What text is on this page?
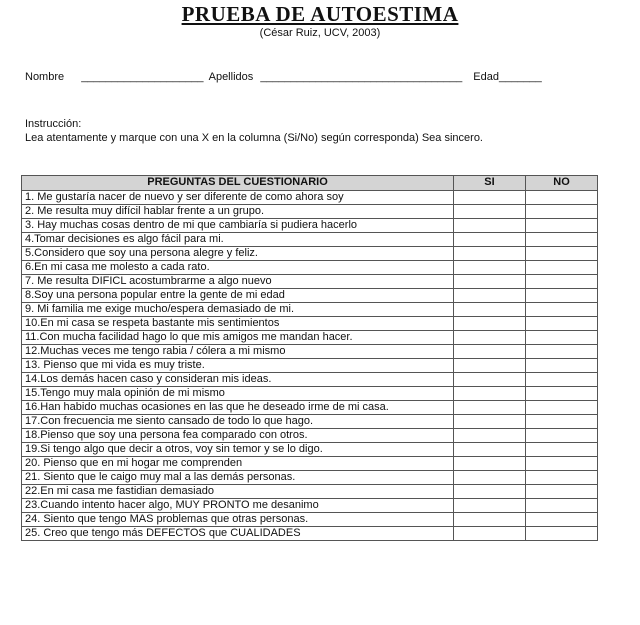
PRUEBA DE AUTOESTIMA
(César Ruiz, UCV, 2003)
Nombre ____________________ Apellidos _________________________________ Edad_______
Instrucción:
Lea atentamente y marque con una X en la columna (Si/No) según corresponda) Sea sincero.
PREGUNTAS DEL CUESTIONARIO	SI	NO
1. Me gustaría nacer de nuevo y ser diferente de como ahora soy		
2. Me resulta muy difícil hablar frente a un grupo.		
3. Hay muchas cosas dentro de mi que cambiaría si pudiera hacerlo		
4.Tomar decisiones es algo fácil para mi.		
5.Considero que soy una persona alegre y feliz.		
6.En mi casa me molesto a cada rato.		
7. Me resulta DIFICL acostumbrarme a algo nuevo		
8.Soy una persona popular entre la gente de mi edad		
9. Mi familia me exige mucho/espera demasiado de mi.		
10.En mi casa se respeta bastante mis sentimientos		
11.Con mucha facilidad hago lo que mis amigos me mandan hacer.		
12.Muchas veces me tengo rabia / cólera a mi mismo		
13. Pienso que mi vida es muy triste.		
14.Los demás hacen caso y consideran mis ideas.		
15.Tengo muy mala opinión de mi mismo		
16.Han habido muchas ocasiones en las que he deseado irme de mi casa.		
17.Con frecuencia me siento cansado de todo lo que hago.		
18.Pienso que soy una persona fea comparado con otros.		
19.Si tengo algo que decir a otros, voy sin temor y se lo digo.		
20. Pienso que en mi hogar me comprenden		
21. Siento que le caigo muy mal a las demás personas.		
22.En mi casa me fastidian demasiado		
23.Cuando intento hacer algo, MUY PRONTO me desanimo		
24. Siento que tengo MAS problemas que otras personas.		
25. Creo que tengo más DEFECTOS que CUALIDADES		
